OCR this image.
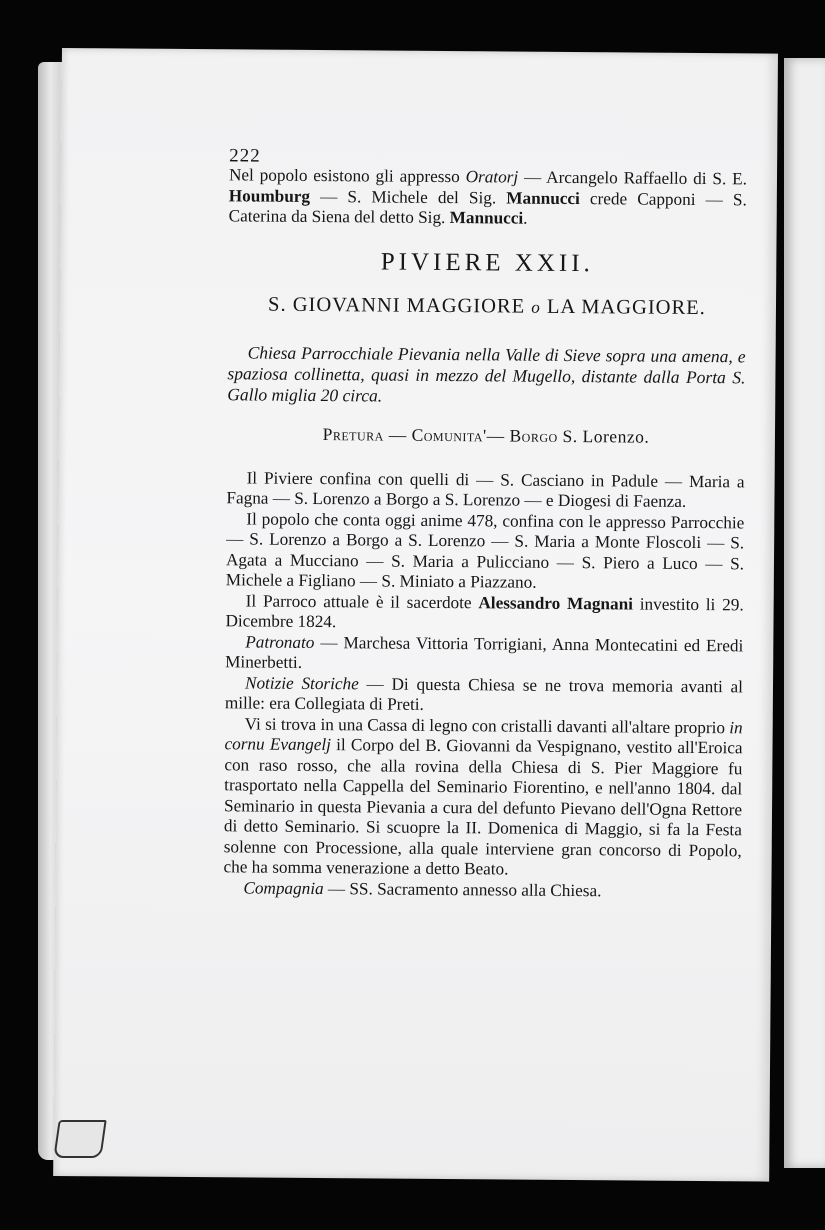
222

Nel popolo esistono gli appresso Oratorj — Arcangelo Raffaello di S. E. Houmburg — S. Michele del Sig. Mannucci crede Capponi — S. Caterina da Siena del detto Sig. Mannucci.

PIVIERE XXII.
S. GIOVANNI MAGGIORE o LA MAGGIORE.

Chiesa Parrocchiale Pievania nella Valle di Sieve sopra una amena, e spaziosa collinetta, quasi in mezzo del Mugello, distante dalla Porta S. Gallo miglia 20 circa.

Pretura — Comunita'— Borgo S. Lorenzo.

Il Piviere confina con quelli di — S. Casciano in Padule — Maria a Fagna — S. Lorenzo a Borgo a S. Lorenzo — e Diogesi di Faenza.

Il popolo che conta oggi anime 478, confina con le appresso Parrocchie — S. Lorenzo a Borgo a S. Lorenzo — S. Maria a Monte Floscoli — S. Agata a Mucciano — S. Maria a Pulicciano — S. Piero a Luco — S. Michele a Figliano — S. Miniato a Piazzano.

Il Parroco attuale è il sacerdote Alessandro Magnani investito li 29. Dicembre 1824.

Patronato — Marchesa Vittoria Torrigiani, Anna Montecatini ed Eredi Minerbetti.

Notizie Storiche — Di questa Chiesa se ne trova memoria avanti al mille: era Collegiata di Preti.

Vi si trova in una Cassa di legno con cristalli davanti all'altare proprio in cornu Evangelj il Corpo del B. Giovanni da Vespignano, vestito all'Eroica con raso rosso, che alla rovina della Chiesa di S. Pier Maggiore fu trasportato nella Cappella del Seminario Fiorentino, e nell'anno 1804. dal Seminario in questa Pievania a cura del defunto Pievano dell'Ogna Rettore di detto Seminario. Si scuopre la II. Domenica di Maggio, si fa la Festa solenne con Processione, alla quale interviene gran concorso di Popolo, che ha somma venerazione a detto Beato.

Compagnia — SS. Sacramento annesso alla Chiesa.
